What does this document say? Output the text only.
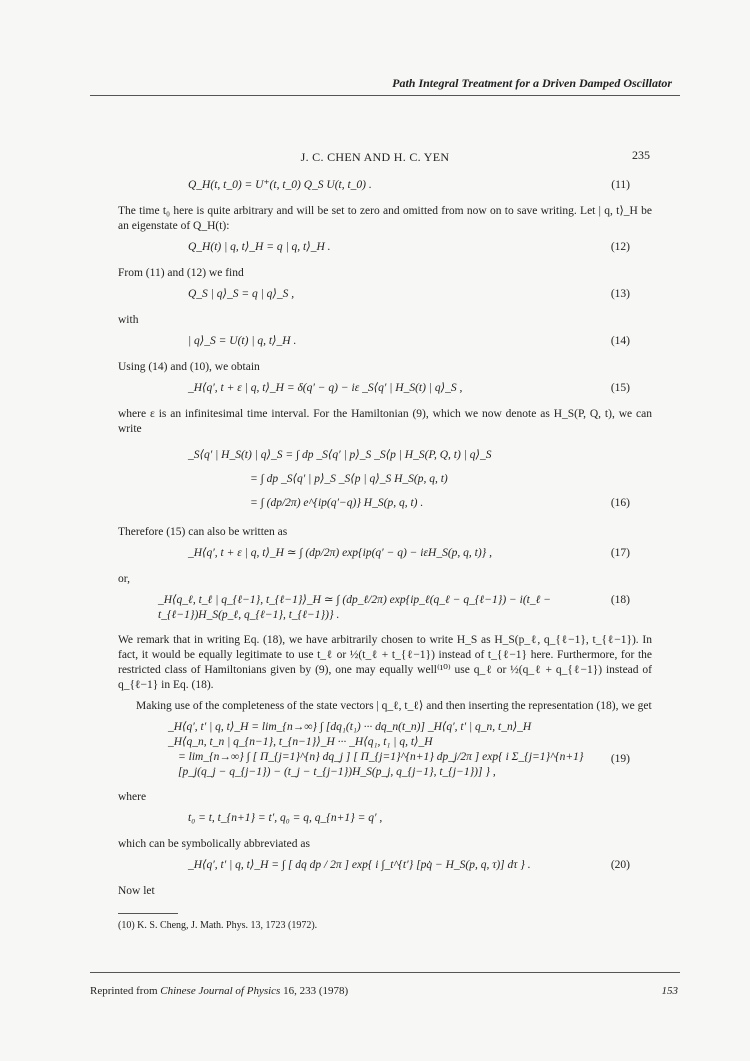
Path Integral Treatment for a Driven Damped Oscillator
J. C. CHEN AND H. C. YEN	235
Q_H(t, t_0) = U⁺(t, t_0) Q_S U(t, t_0) .	(11)

The time t₀ here is quite arbitrary and will be set to zero and omitted from now on to save writing. Let | q, t⟩_H be an eigenstate of Q_H(t):

Q_H(t) | q, t⟩_H = q | q, t⟩_H .	(12)

From (11) and (12) we find

Q_S | q⟩_S = q | q⟩_S ,	(13)

with

| q⟩_S = U(t) | q, t⟩_H .	(14)

Using (14) and (10), we obtain

_H⟨q′, t + ε | q, t⟩_H = δ(q′ − q) − iε _S⟨q′ | H_S(t) | q⟩_S ,	(15)

where ε is an infinitesimal time interval. For the Hamiltonian (9), which we now denote as H_S(P, Q, t), we can write

_S⟨q′ | H_S(t) | q⟩_S = ∫ dp _S⟨q′ | p⟩_S _S⟨p | H_S(P, Q, t) | q⟩_S
= ∫ dp _S⟨q′ | p⟩_S _S⟨p | q⟩_S H_S(p, q, t)
= ∫ (dp/2π) e^{ip(q′−q)} H_S(p, q, t) .	(16)

Therefore (15) can also be written as

_H⟨q′, t + ε | q, t⟩_H ≃ ∫ (dp/2π) exp{ip(q′ − q) − iεH_S(p, q, t)} ,	(17)

or,

_H⟨q_ℓ, t_ℓ | q_{ℓ−1}, t_{ℓ−1}⟩_H ≃ ∫ (dp_ℓ/2π) exp{ip_ℓ(q_ℓ − q_{ℓ−1}) − i(t_ℓ − t_{ℓ−1})H_S(p_ℓ, q_{ℓ−1}, t_{ℓ−1})} .
(18)

We remark that in writing Eq. (18), we have arbitrarily chosen to write H_S as H_S(p_ℓ, q_{ℓ−1}, t_{ℓ−1}). In fact, it would be equally legitimate to use t_ℓ or ½(t_ℓ + t_{ℓ−1}) instead of t_{ℓ−1} here. Furthermore, for the restricted class of Hamiltonians given by (9), one may equally well⁽¹⁰⁾ use q_ℓ or ½(q_ℓ + q_{ℓ−1}) instead of q_{ℓ−1} in Eq. (18).

Making use of the completeness of the state vectors | q_ℓ, t_ℓ⟩ and then inserting the representation (18), we get

_H⟨q′, t′ | q, t⟩_H = lim_{n→∞} ∫ [dq₁(t₁) ··· dq_n(t_n)] _H⟨q′, t′ | q_n, t_n⟩_H
_H⟨q_n, t_n | q_{n−1}, t_{n−1}⟩_H ··· _H⟨q₁, t₁ | q, t⟩_H
= lim_{n→∞} ∫ [ Π_{j=1}^{n} dq_j ] [ Π_{j=1}^{n+1} dp_j/2π ] exp{ i Σ_{j=1}^{n+1} [p_j(q_j − q_{j−1}) − (t_j − t_{j−1})H_S(p_j, q_{j−1}, t_{j−1})] } ,
(19)

where

t₀ = t, t_{n+1} = t′, q₀ = q, q_{n+1} = q′ ,

which can be symbolically abbreviated as

_H⟨q′, t′ | q, t⟩_H = ∫ [ dq dp / 2π ] exp{ i ∫_t^{t′} [pq̇ − H_S(p, q, τ)] dτ } .	(20)

Now let

(10) K. S. Cheng, J. Math. Phys. 13, 1723 (1972).

Reprinted from Chinese Journal of Physics 16, 233 (1978)	153
